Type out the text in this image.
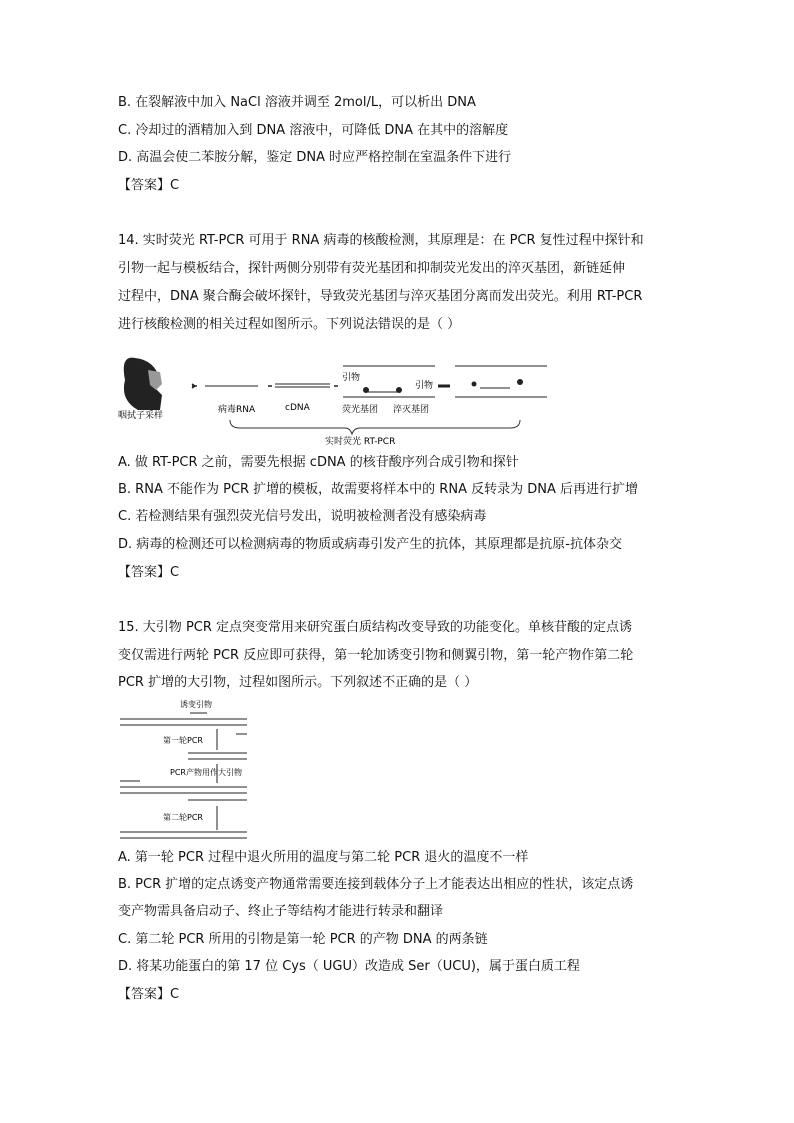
B. 在裂解液中加入 NaCl 溶液并调至 2mol/L，可以析出 DNA
C. 冷却过的酒精加入到 DNA 溶液中，可降低 DNA 在其中的溶解度
D. 高温会使二苯胺分解，鉴定 DNA 时应严格控制在室温条件下进行
【答案】C
14. 实时荧光 RT-PCR 可用于 RNA 病毒的核酸检测，其原理是：在 PCR 复性过程中探针和
引物一起与模板结合，探针两侧分别带有荧光基团和抑制荧光发出的淬灭基团，新链延伸
过程中，DNA 聚合酶会破坏探针，导致荧光基团与淬灭基团分离而发出荧光。利用 RT-PCR
进行核酸检测的相关过程如图所示。下列说法错误的是（ ）
咽拭子采样
病毒RNA	cDNA
引物
引物
荧光基团 淬灭基团
实时荧光 RT-PCR
A. 做 RT-PCR 之前，需要先根据 cDNA 的核苷酸序列合成引物和探针
B. RNA 不能作为 PCR 扩增的模板，故需要将样本中的 RNA 反转录为 DNA 后再进行扩增
C. 若检测结果有强烈荧光信号发出，说明被检测者没有感染病毒
D. 病毒的检测还可以检测病毒的物质或病毒引发产生的抗体，其原理都是抗原-抗体杂交
【答案】C
15. 大引物 PCR 定点突变常用来研究蛋白质结构改变导致的功能变化。单核苷酸的定点诱
变仅需进行两轮 PCR 反应即可获得，第一轮加诱变引物和侧翼引物，第一轮产物作第二轮
PCR 扩增的大引物，过程如图所示。下列叙述不正确的是（ ）
诱变引物
第一轮PCR
PCR产物用作大引物
第二轮PCR
A. 第一轮 PCR 过程中退火所用的温度与第二轮 PCR 退火的温度不一样
B. PCR 扩增的定点诱变产物通常需要连接到载体分子上才能表达出相应的性状，该定点诱
变产物需具备启动子、终止子等结构才能进行转录和翻译
C. 第二轮 PCR 所用的引物是第一轮 PCR 的产物 DNA 的两条链
D. 将某功能蛋白的第 17 位 Cys（ UGU）改造成 Ser（UCU)，属于蛋白质工程
【答案】C
